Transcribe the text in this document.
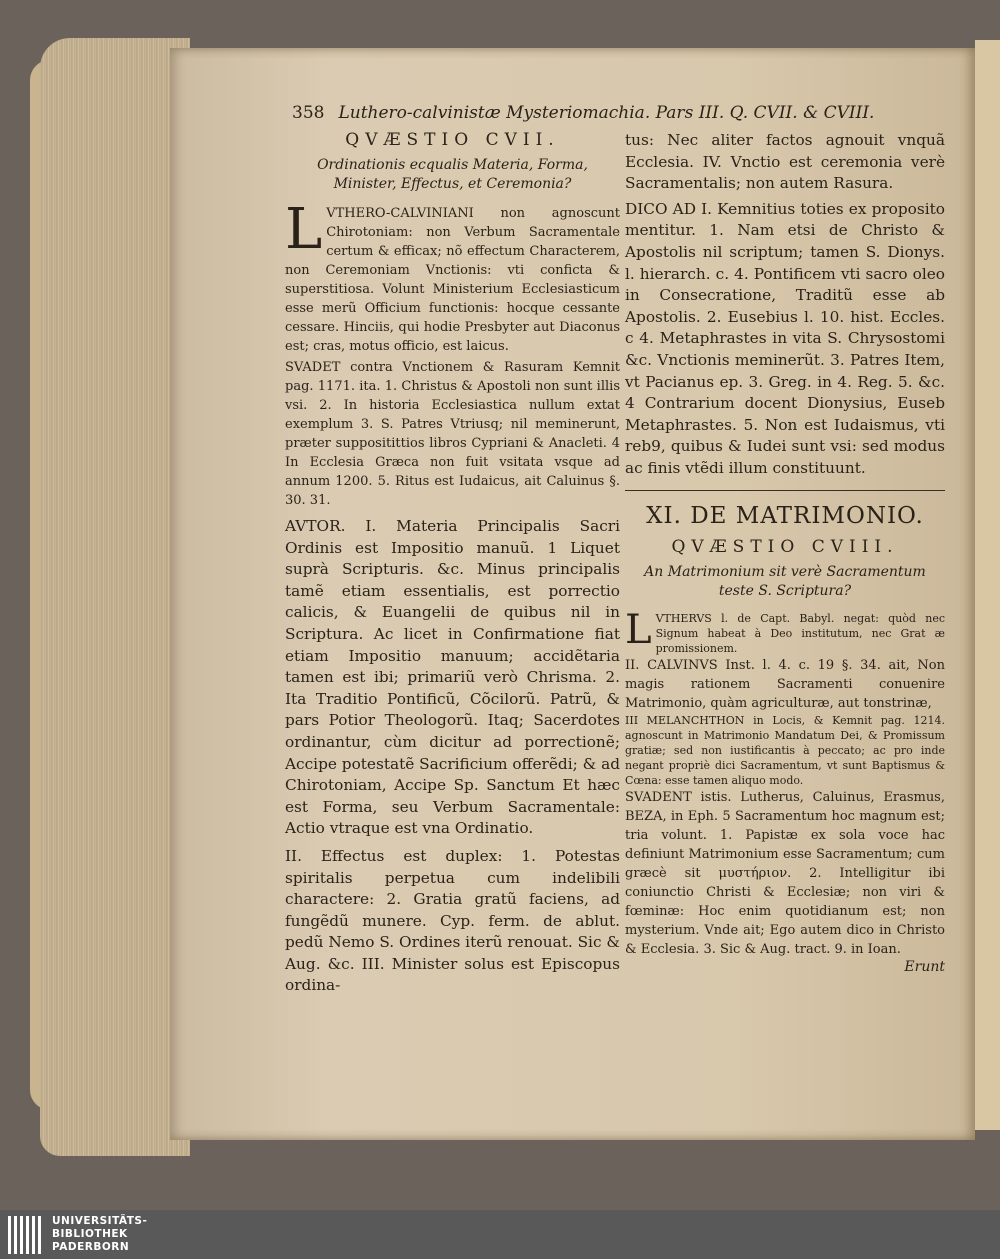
358 Luthero-calvinistæ Mysteriomachia. Pars III. Q. CVII. & CVIII.
QVÆSTIO CVII.
Ordinationis ecqualis Materia, Forma, Minister, Effectus, et Ceremonia?

LVTHERO-CALVINIANI non agnoscunt Chirotoniam: non Verbum Sacramentale certum & efficax; nõ effectum Characterem, non Ceremoniam Vnctionis: vti conficta & superstitiosa. Volunt Ministerium Ecclesiasticum esse merũ Officium functionis: hocque cessante cessare. Hinciis, qui hodie Presbyter aut Diaconus est; cras, motus officio, est laicus.

SVADET contra Vnctionem & Rasuram Kemnit pag. 1171. ita. 1. Christus & Apostoli non sunt illis vsi. 2. In historia Ecclesiastica nullum extat exemplum 3. S. Patres Vtriusq; nil meminerunt, præter suppositittios libros Cypriani & Anacleti. 4 In Ecclesia Græca non fuit vsitata vsque ad annum 1200. 5. Ritus est Iudaicus, ait Caluinus §. 30. 31.

AVTOR. I. Materia Principalis Sacri Ordinis est Impositio manuũ. 1 Liquet suprà Scripturis. &c. Minus principalis tamẽ etiam essentialis, est porrectio calicis, & Euangelii de quibus nil in Scriptura. Ac licet in Confirmatione fiat etiam Impositio manuum; accidẽtaria tamen est ibi; primariũ verò Chrisma. 2. Ita Traditio Pontificũ, Cõcilorũ. Patrũ, & pars Potior Theologorũ. Itaq; Sacerdotes ordinantur, cùm dicitur ad porrectionẽ; Accipe potestatẽ Sacrificium offerẽdi; & ad Chirotoniam, Accipe Sp. Sanctum Et hæc est Forma, seu Verbum Sacramentale: Actio vtraque est vna Ordinatio.

II. Effectus est duplex: 1. Potestas spiritalis perpetua cum indelibili charactere: 2. Gratia gratũ faciens, ad fungẽdũ munere. Cyp. ferm. de ablut. pedũ Nemo S. Ordines iterũ renouat. Sic & Aug. &c. III. Minister solus est Episcopus ordina-

tus: Nec aliter factos agnouit vnquã Ecclesia. IV. Vnctio est ceremonia verè Sacramentalis; non autem Rasura.

DICO AD I. Kemnitius toties ex proposito mentitur. 1. Nam etsi de Christo & Apostolis nil scriptum; tamen S. Dionys. l. hierarch. c. 4. Pontificem vti sacro oleo in Consecratione, Traditũ esse ab Apostolis. 2. Eusebius l. 10. hist. Eccles. c 4. Metaphrastes in vita S. Chrysostomi &c. Vnctionis meminerũt. 3. Patres Item, vt Pacianus ep. 3. Greg. in 4. Reg. 5. &c. 4 Contrarium docent Dionysius, Euseb Metaphrastes. 5. Non est Iudaismus, vti reb9, quibus & Iudei sunt vsi: sed modus ac finis vtẽdi illum constituunt.

XI. DE MATRIMONIO.
QVÆSTIO CVIII.
An Matrimonium sit verè Sacramentum teste S. Scriptura?

LVTHERVS l. de Capt. Babyl. negat: quòd nec Signum habeat à Deo institutum, nec Grat æ promissionem.

II. CALVINVS Inst. l. 4. c. 19 §. 34. ait, Non magis rationem Sacramenti conuenire Matrimonio, quàm agriculturæ, aut tonstrinæ,

III MELANCHTHON in Locis, & Kemnit pag. 1214. agnoscunt in Matrimonio Mandatum Dei, & Promissum gratiæ; sed non iustificantis à peccato; ac pro inde negant propriè dici Sacramentum, vt sunt Baptismus & Cœna: esse tamen aliquo modo.

SVADENT istis. Lutherus, Caluinus, Erasmus, BEZA, in Eph. 5 Sacramentum hoc magnum est; tria volunt. 1. Papistæ ex sola voce hac definiunt Matrimonium esse Sacramentum; cum græcè sit μυστήριον. 2. Intelligitur ibi coniunctio Christi & Ecclesiæ; non viri & fœminæ: Hoc enim quotidianum est; non mysterium. Vnde ait; Ego autem dico in Christo & Ecclesia. 3. Sic & Aug. tract. 9. in Ioan.

Erunt
UNIVERSITÄTS-
BIBLIOTHEK
PADERBORN
